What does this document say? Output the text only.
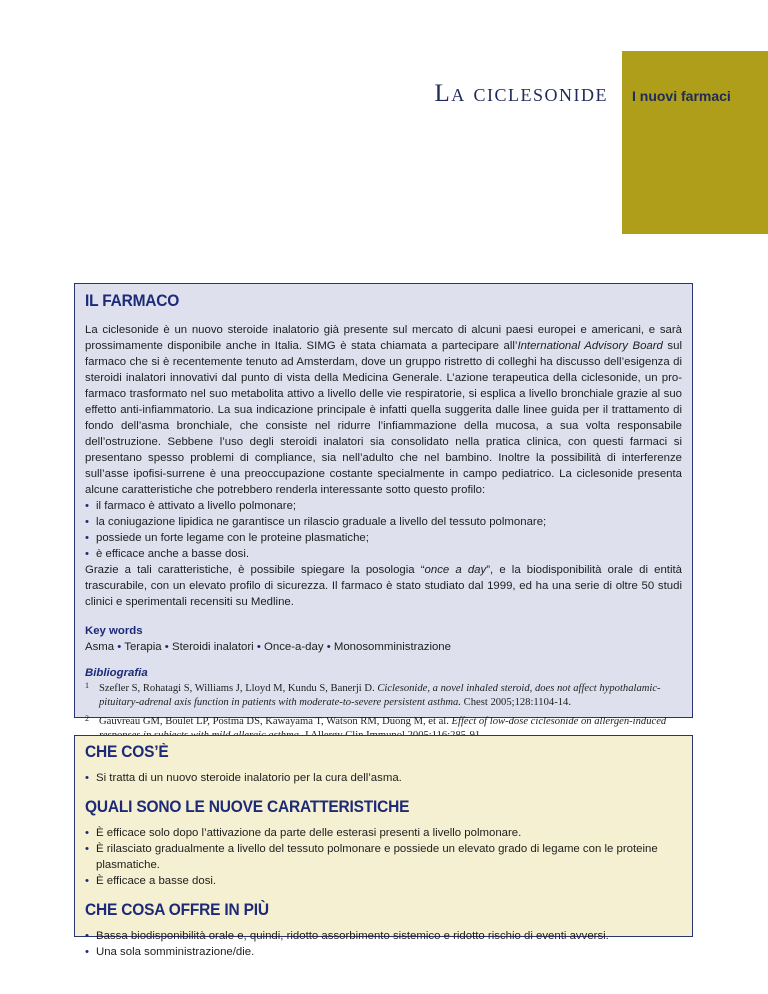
I nuovi farmaci
La ciclesonide
IL FARMACO

La ciclesonide è un nuovo steroide inalatorio già presente sul mercato di alcuni paesi europei e americani, e sarà prossimamente disponibile anche in Italia. SIMG è stata chiamata a partecipare all’International Advisory Board sul farmaco che si è recentemente tenuto ad Amsterdam, dove un gruppo ristretto di colleghi ha discusso dell’esigenza di steroidi inalatori innovativi dal punto di vista della Medicina Generale. L’azione terapeutica della ciclesonide, un pro-farmaco trasformato nel suo metabolita attivo a livello delle vie respiratorie, si esplica a livello bronchiale grazie al suo effetto anti-infiammatorio. La sua indicazione principale è infatti quella suggerita dalle linee guida per il trattamento di fondo dell’asma bronchiale, che consiste nel ridurre l’infiammazione della mucosa, a sua volta responsabile dell’ostruzione. Sebbene l’uso degli steroidi inalatori sia consolidato nella pratica clinica, con questi farmaci si presentano spesso problemi di compliance, sia nell’adulto che nel bambino. Inoltre la possibilità di interferenze sull’asse ipofisi-surrene è una preoccupazione costante specialmente in campo pediatrico. La ciclesonide presenta alcune caratteristiche che potrebbero renderla interessante sotto questo profilo:

• il farmaco è attivato a livello polmonare;
• la coniugazione lipidica ne garantisce un rilascio graduale a livello del tessuto polmonare;
• possiede un forte legame con le proteine plasmatiche;
• è efficace anche a basse dosi.

Grazie a tali caratteristiche, è possibile spiegare la posologia “once a day”, e la biodisponibilità orale di entità trascurabile, con un elevato profilo di sicurezza. Il farmaco è stato studiato dal 1999, ed ha una serie di oltre 50 studi clinici e sperimentali recensiti su Medline.

Key words
Asma • Terapia • Steroidi inalatori • Once-a-day • Monosomministrazione
Bibliografia
1 Szefler S, Rohatagi S, Williams J, Lloyd M, Kundu S, Banerji D. Ciclesonide, a novel inhaled steroid, does not affect hypothalamic-pituitary-adrenal axis function in patients with moderate-to-severe persistent asthma. Chest 2005;128:1104-14.
2 Gauvreau GM, Boulet LP, Postma DS, Kawayama T, Watson RM, Duong M, et al. Effect of low-dose ciclesonide on allergen-induced
CHE COS’È
• Si tratta di un nuovo steroide inalatorio per la cura dell’asma.
QUALI SONO LE NUOVE CARATTERISTICHE
• È efficace solo dopo l’attivazione da parte delle esterasi presenti a livello polmonare.
• È rilasciato gradualmente a livello del tessuto polmonare e possiede un elevato grado di legame con le proteine plasmatiche.
• È efficace a basse dosi.
CHE COSA OFFRE IN PIÙ
• Bassa biodisponibilità orale e, quindi, ridotto assorbimento sistemico e ridotto rischio di eventi avversi.
• Una sola somministrazione/die.
